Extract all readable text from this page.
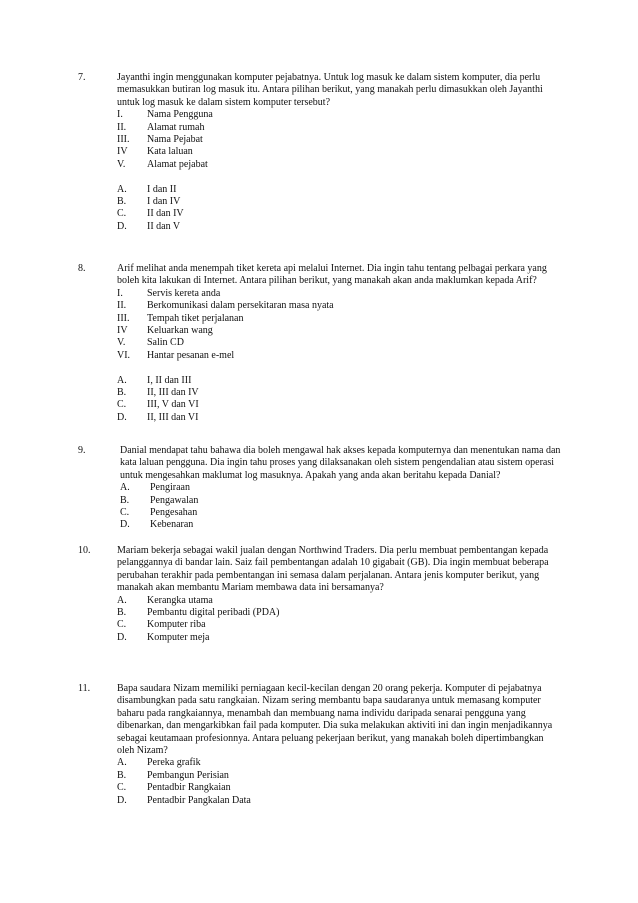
7.	Jayanthi ingin menggunakan komputer pejabatnya. Untuk log masuk ke dalam sistem komputer, dia perlu
memasukkan butiran log masuk itu. Antara pilihan berikut, yang manakah perlu dimasukkan oleh Jayanthi
untuk log masuk ke dalam sistem komputer tersebut?
I.	Nama Pengguna
II.	Alamat rumah
III.	Nama Pejabat
IV	Kata laluan
V.	Alamat pejabat
A.	I dan II
B.	I dan IV
C.	II dan IV
D.	II dan V
8.	Arif melihat anda menempah tiket kereta api melalui Internet. Dia ingin tahu tentang pelbagai perkara yang
boleh kita lakukan di Internet. Antara pilihan berikut, yang manakah akan anda maklumkan kepada Arif?
I.	Servis kereta anda
II.	Berkomunikasi dalam persekitaran masa nyata
III.	Tempah tiket perjalanan
IV	Keluarkan wang
V.	Salin CD
VI.	Hantar pesanan e-mel
A.	I, II dan III
B.	II, III dan IV
C.	III, V dan VI
D.	II, III dan VI
9.	Danial mendapat tahu bahawa dia boleh mengawal hak akses kepada komputernya dan menentukan nama dan
kata laluan pengguna. Dia ingin tahu proses yang dilaksanakan oleh sistem pengendalian atau sistem operasi
untuk mengesahkan maklumat log masuknya. Apakah yang anda akan beritahu kepada Danial?
A.	Pengiraan
B.	Pengawalan
C.	Pengesahan
D.	Kebenaran
10.	Mariam bekerja sebagai wakil jualan dengan Northwind Traders. Dia perlu membuat pembentangan kepada
pelanggannya di bandar lain. Saiz fail pembentangan adalah 10 gigabait (GB). Dia ingin membuat beberapa
perubahan terakhir pada pembentangan ini semasa dalam perjalanan. Antara jenis komputer berikut, yang
manakah akan membantu Mariam membawa data ini bersamanya?
A.	Kerangka utama
B.	Pembantu digital peribadi (PDA)
C.	Komputer riba
D.	Komputer meja
11.	Bapa saudara Nizam memiliki perniagaan kecil-kecilan dengan 20 orang pekerja. Komputer di pejabatnya
disambungkan pada satu rangkaian. Nizam sering membantu bapa saudaranya untuk memasang komputer
baharu pada rangkaiannya, menambah dan membuang nama individu daripada senarai pengguna yang
dibenarkan, dan mengarkibkan fail pada komputer. Dia suka melakukan aktiviti ini dan ingin menjadikannya
sebagai keutamaan profesionnya. Antara peluang pekerjaan berikut, yang manakah boleh dipertimbangkan
oleh Nizam?
A.	Pereka grafik
B.	Pembangun Perisian
C.	Pentadbir Rangkaian
D.	Pentadbir Pangkalan Data
